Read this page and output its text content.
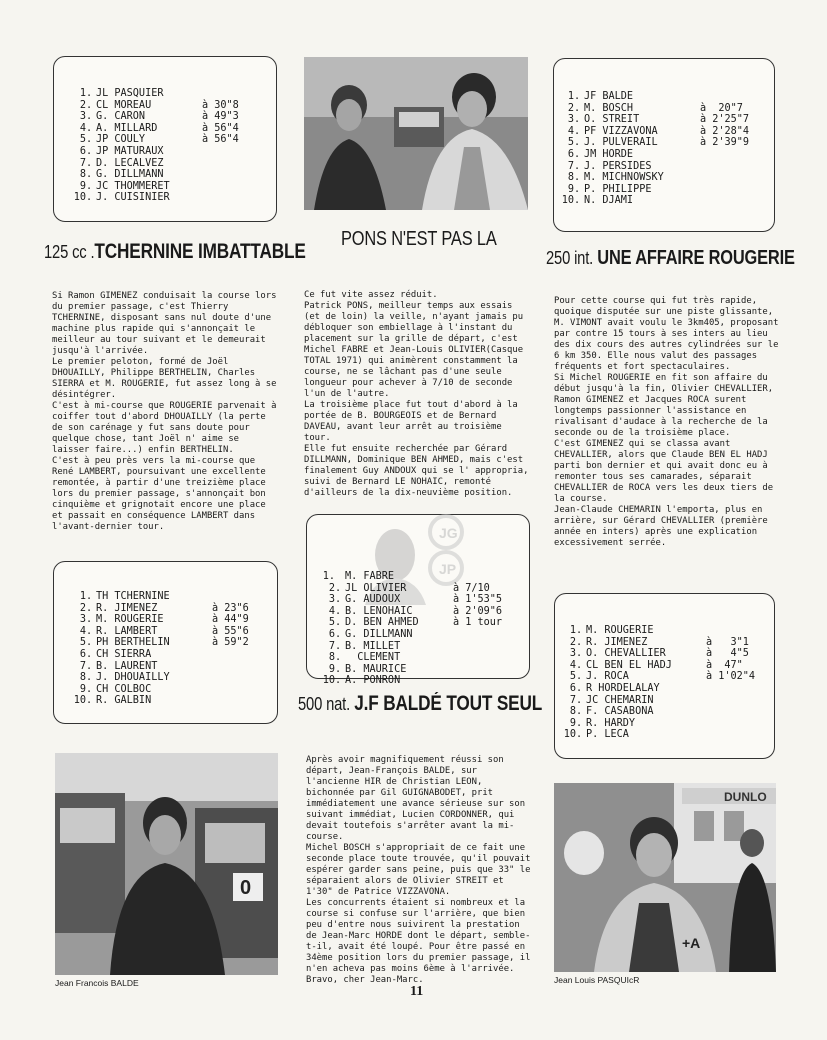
1 . JL PASQUIER
2 . CL MOREAU	à 30"8
3 . G. CARON	à 49"3
4 . A. MILLARD	à 56"4
5 . JP COULY	à 56"4
6 . JP MATURAUX
7 . D. LECALVEZ
8 . G. DILLMANN
9 . JC THOMMERET
10 . J. CUISINIER
1 . JF BALDE
2 . M. BOSCH	à  20"7
3 . O. STREIT	à 2'25"7
4 . PF VIZZAVONA	à 2'28"4
5 . J. PULVERAIL	à 2'39"9
6 . JM HORDE
7 . J. PERSIDES
8 . M. MICHNOWSKY
9 . P. PHILIPPE
10 . N. DJAMI
125 cc .TCHERNINE IMBATTABLE
PONS N'EST PAS LA
250 int. UNE AFFAIRE ROUGERIE

Si Ramon GIMENEZ conduisait la course lors du premier passage, c'est Thierry TCHERNINE, disposant sans nul doute d'une machine plus rapide qui s'annonçait le meilleur au tour suivant et le demeurait jusqu'à l'arrivée.

Le premier peloton, formé de Joël DHOUAILLY, Philippe BERTHELIN, Charles SIERRA et M. ROUGERIE, fut assez long à se désintégrer.

C'est à mi-course que ROUGERIE parvenait à coiffer tout d'abord DHOUAILLY (la perte de son carénage y fut sans doute pour quelque chose, tant Joël n' aime se laisser faire...) enfin BERTHELIN.

C'est à peu près vers la mi-course que René LAMBERT, poursuivant une excellente remontée, à partir d'une treizième place lors du premier passage, s'annonçait bon cinquième et grignotait encore une place et passait en conséquence LAMBERT dans l'avant-dernier tour.

Ce fut vite assez réduit.

Patrick PONS, meilleur temps aux essais (et de loin) la veille, n'ayant jamais pu débloquer son embiellage à l'instant du placement sur la grille de départ, c'est Michel FABRE et Jean-Louis OLIVIER(Casque TOTAL 1971) qui animèrent constamment la course, ne se lâchant pas d'une seule longueur pour achever à 7/10 de seconde l'un de l'autre.

La troisième place fut tout d'abord à la portée de B. BOURGEOIS et de Bernard DAVEAU, avant leur arrêt au troisième tour.

Elle fut ensuite recherchée par Gérard DILLMANN, Dominique BEN AHMED, mais c'est finalement Guy ANDOUX qui se l' appropria, suivi de Bernard LE NOHAIC, remonté d'ailleurs de la dix-neuvième position.

Pour cette course qui fut très rapide, quoique disputée sur une piste glissante, M. VIMONT avait voulu le 3km405, proposant par contre 15 tours à ses inters au lieu des dix cours des autres cylindrées sur le 6 km 350. Elle nous valut des passages fréquents et fort spectaculaires.

Si Michel ROUGERIE en fit son affaire du début jusqu'à la fin, Olivier CHEVALLIER, Ramon GIMENEZ et Jacques ROCA surent longtemps passionner l'assistance en rivalisant d'audace à la recherche de la seconde ou de la troisième place.

C'est GIMENEZ qui se classa avant CHEVALLIER, alors que Claude BEN EL HADJ parti bon dernier et qui avait donc eu à remonter tous ses camarades, séparait CHEVALLIER de ROCA vers les deux tiers de la course.

Jean-Claude CHEMARIN l'emporta, plus en arrière, sur Gérard CHEVALLIER (première année en inters) après une explication excessivement serrée.

1 . TH TCHERNINE
2 . R. JIMENEZ	à 23"6
3 . M. ROUGERIE	à 44"9
4 . R. LAMBERT	à 55"6
5 . PH BERTHELIN	à 59"2
6 . CH SIERRA
7 . B. LAURENT
8 . J. DHOUAILLY
9 . CH COLBOC
10 . R. GALBIN
JG
JP
1. M. FABRE
2 . JL OLIVIER	à 7/10
3 . G. AUDOUX	à 1'53"5
4 . B. LENOHAIC	à 2'09"6
5 . D. BEN AHMED	à 1 tour
6 . G. DILLMANN
7 . B. MILLET
8 . CLEMENT
9 . B. MAURICE
10 . A. PONRON
1 . M. ROUGERIE
2 . R. JIMENEZ	à   3"1
3 . O. CHEVALLIER	à   4"5
4 . CL BEN EL HADJ	à  47"
5 . J. ROCA	à 1'02"4
6 . R HORDELALAY
7 . JC CHEMARIN
8 . F. CASABONA
9 . R. HARDY
10 . P. LECA
500 nat. J.F BALDÉ TOUT SEUL

Après avoir magnifiquement réussi son départ, Jean-François BALDE, sur l'ancienne HIR de Christian LEON, bichonnée par Gil GUIGNABODET, prit immédiatement une avance sérieuse sur son suivant immédiat, Lucien CORDONNER, qui devait toutefois s'arrêter avant la mi-course.

Michel BOSCH s'appropriait de ce fait une seconde place toute trouvée, qu'il pouvait espérer garder sans peine, puis que 33" le séparaient alors de Olivier STREIT et 1'30" de Patrice VIZZAVONA.

Les concurrents étaient si nombreux et la course si confuse sur l'arrière, que bien peu d'entre nous suivirent la prestation de Jean-Marc HORDE dont le départ, semble-t-il, avait été loupé. Pour être passé en 34ème position lors du premier passage, il n'en acheva pas moins 6ème à l'arrivée. Bravo, cher Jean-Marc.

0
Jean Francois BALDE
DUNLO
+A
Jean Louis PASQUIcR
11
